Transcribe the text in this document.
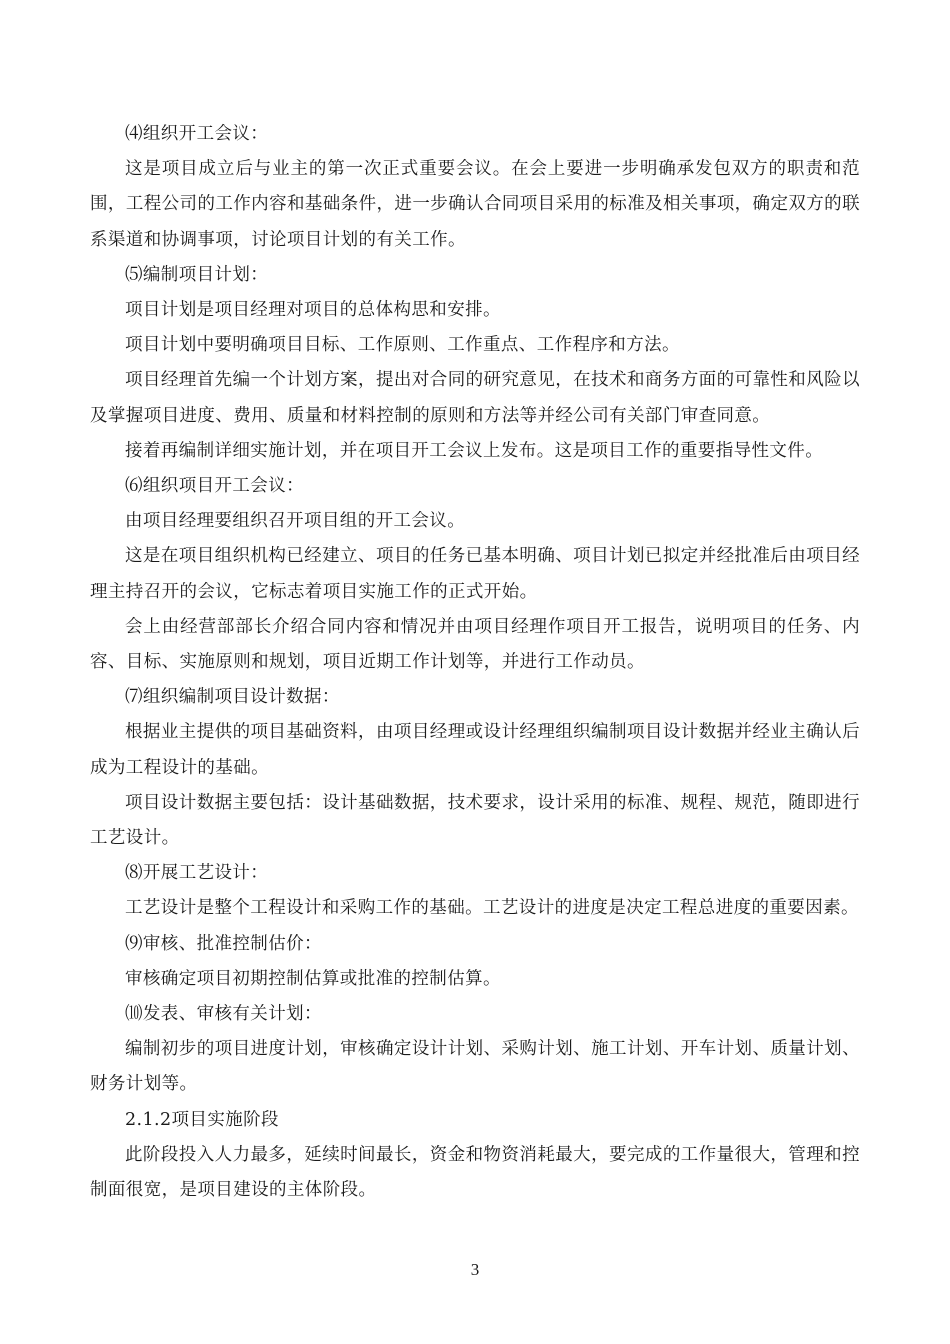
⑷组织开工会议：

这是项目成立后与业主的第一次正式重要会议。在会上要进一步明确承发包双方的职责和范围，工程公司的工作内容和基础条件，进一步确认合同项目采用的标准及相关事项，确定双方的联系渠道和协调事项，讨论项目计划的有关工作。

⑸编制项目计划：

项目计划是项目经理对项目的总体构思和安排。

项目计划中要明确项目目标、工作原则、工作重点、工作程序和方法。

项目经理首先编一个计划方案，提出对合同的研究意见，在技术和商务方面的可靠性和风险以及掌握项目进度、费用、质量和材料控制的原则和方法等并经公司有关部门审查同意。

接着再编制详细实施计划，并在项目开工会议上发布。这是项目工作的重要指导性文件。

⑹组织项目开工会议：

由项目经理要组织召开项目组的开工会议。

这是在项目组织机构已经建立、项目的任务已基本明确、项目计划已拟定并经批准后由项目经理主持召开的会议，它标志着项目实施工作的正式开始。

会上由经营部部长介绍合同内容和情况并由项目经理作项目开工报告，说明项目的任务、内容、目标、实施原则和规划，项目近期工作计划等，并进行工作动员。

⑺组织编制项目设计数据：

根据业主提供的项目基础资料，由项目经理或设计经理组织编制项目设计数据并经业主确认后成为工程设计的基础。

项目设计数据主要包括：设计基础数据，技术要求，设计采用的标准、规程、规范，随即进行工艺设计。

⑻开展工艺设计：

工艺设计是整个工程设计和采购工作的基础。工艺设计的进度是决定工程总进度的重要因素。

⑼审核、批准控制估价：

审核确定项目初期控制估算或批准的控制估算。

⑽发表、审核有关计划：

编制初步的项目进度计划，审核确定设计计划、采购计划、施工计划、开车计划、质量计划、财务计划等。

2.1.2项目实施阶段

此阶段投入人力最多，延续时间最长，资金和物资消耗最大，要完成的工作量很大，管理和控制面很宽，是项目建设的主体阶段。

3
